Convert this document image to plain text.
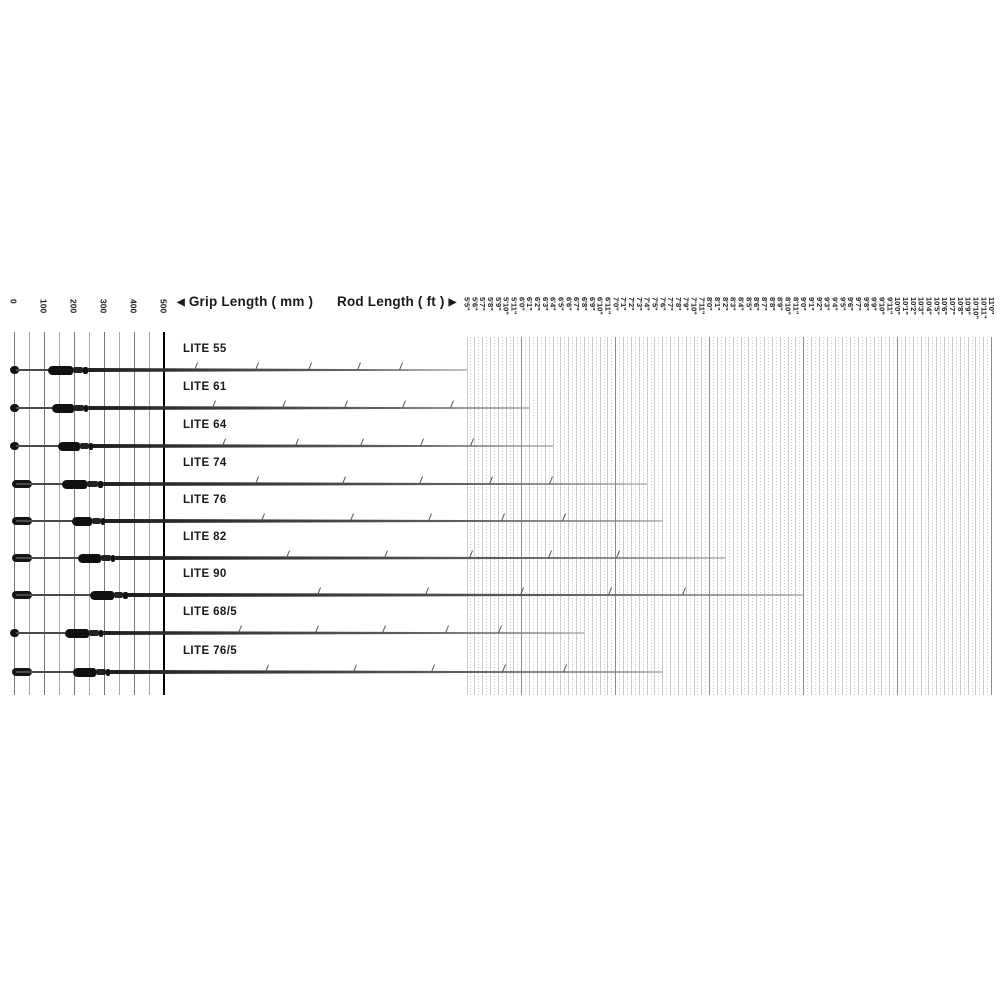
◀ Grip Length ( mm ) Rod Length ( ft ) ▶
0 100 200 300 400 500	5'5"
5'6"
5'7"
5'8"
5'9"
5'10"
5'11"
6'0"
6'1"
6'2"
6'3"
6'4"
6'5"
6'6"
6'7"
6'8"
6'9"
6'10"
6'11"
7'0"
7'1"
7'2"
7'3"
7'4"
7'5"
7'6"
7'7"
7'8"
7'9"
7'10"
7'11"
8'0"
8'1"
8'2"
8'3"
8'4"
8'5"
8'6"
8'7"
8'8"
8'9"
8'10"
8'11"
9'0"
9'1"
9'2"
9'3"
9'4"
9'5"
9'6"
9'7"
9'8"
9'9"
9'10"
9'11"
10'0"
10'1"
10'2"
10'3"
10'4"
10'5"
10'6"
10'7"
10'8"
10'9"
10'10"
10'11"
11'0"
LITE 55
LITE 61
LITE 64
LITE 74
LITE 76
LITE 82
LITE 90
LITE 68/5
LITE 76/5
